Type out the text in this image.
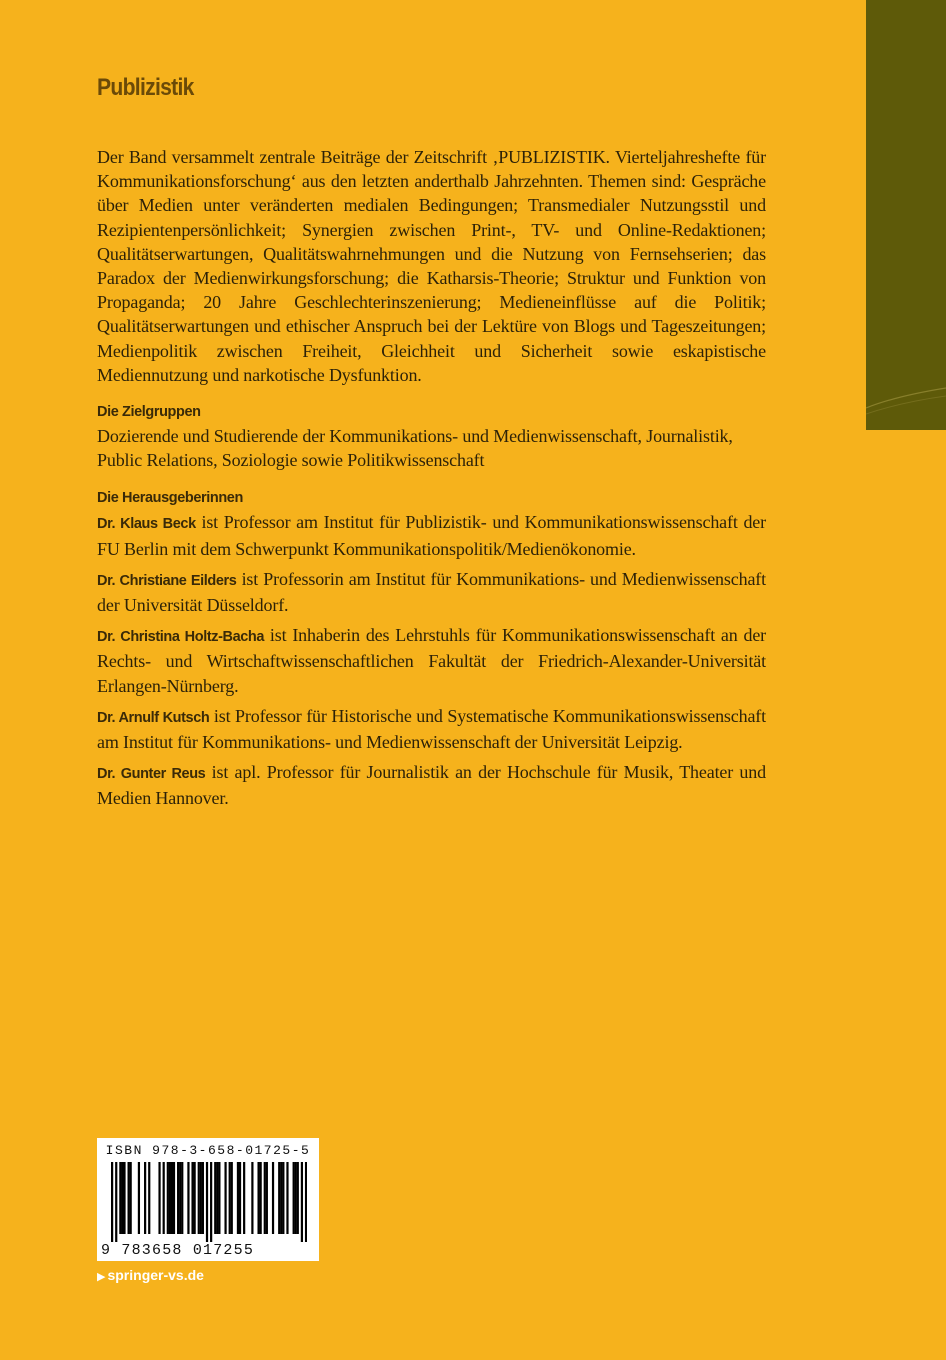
Publizistik

Der Band versammelt zentrale Beiträge der Zeitschrift ‚PUBLIZISTIK. Vierteljahreshefte für Kommunikationsforschung‘ aus den letzten anderthalb Jahrzehnten. Themen sind: Gespräche über Medien unter veränderten medialen Bedingungen; Transmedialer Nutzungsstil und Rezipientenpersönlichkeit; Synergien zwischen Print-, TV- und Online-Redaktionen; Qualitätserwartungen, Qualitätswahrnehmungen und die Nutzung von Fernsehserien; das Paradox der Medienwirkungsforschung; die Katharsis-Theorie; Struktur und Funktion von Propaganda; 20 Jahre Geschlechterinszenierung; Medieneinflüsse auf die Politik; Qualitätserwartungen und ethischer Anspruch bei der Lektüre von Blogs und Tageszeitungen; Medienpolitik zwischen Freiheit, Gleichheit und Sicherheit sowie eskapistische Mediennutzung und narkotische Dysfunktion.

Die Zielgruppen

Dozierende und Studierende der Kommunikations- und Medienwissenschaft, Journalistik, Public Relations, Soziologie sowie Politikwissenschaft

Die Herausgeberinnen

Dr. Klaus Beck ist Professor am Institut für Publizistik- und Kommunikationswissenschaft der FU Berlin mit dem Schwerpunkt Kommunikationspolitik/Medienökonomie.

Dr. Christiane Eilders ist Professorin am Institut für Kommunikations- und Medienwissenschaft der Universität Düsseldorf.

Dr. Christina Holtz-Bacha ist Inhaberin des Lehrstuhls für Kommunikationswissenschaft an der Rechts- und Wirtschaftwissenschaftlichen Fakultät der Friedrich-Alexander-Universität Erlangen-Nürnberg.

Dr. Arnulf Kutsch ist Professor für Historische und Systematische Kommunikationswissenschaft am Institut für Kommunikations- und Medienwissenschaft der Universität Leipzig.

Dr. Gunter Reus ist apl. Professor für Journalistik an der Hochschule für Musik, Theater und Medien Hannover.

ISBN 978-3-658-01725-5
9 783658 017255
▶ springer-vs.de
